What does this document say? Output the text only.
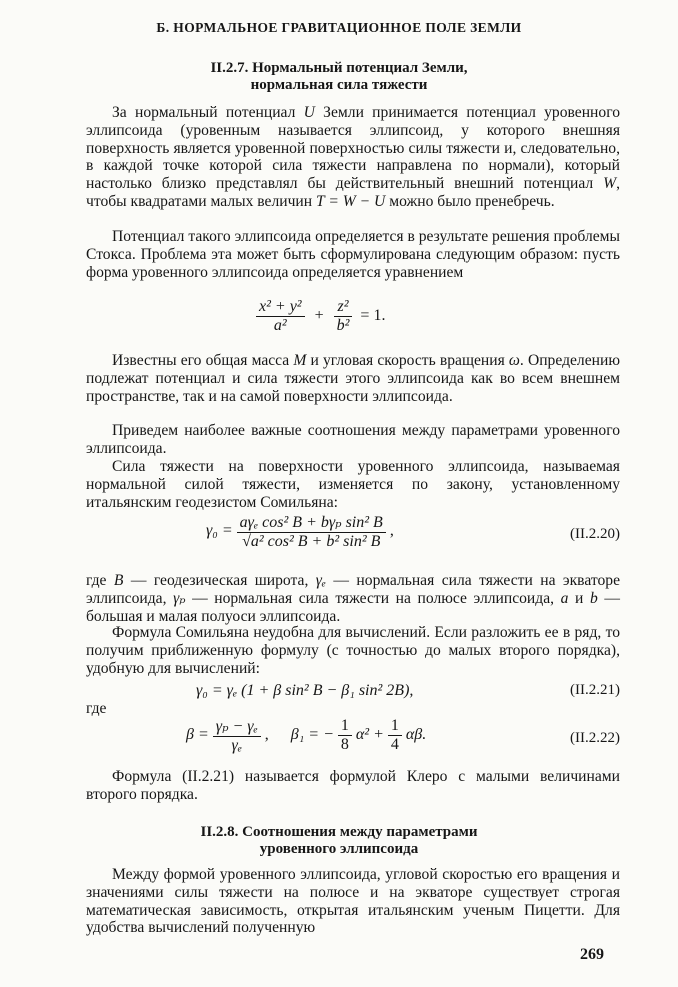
Б. НОРМАЛЬНОЕ ГРАВИТАЦИОННОЕ ПОЛЕ ЗЕМЛИ
II.2.7. Нормальный потенциал Земли,
нормальная сила тяжести
За нормальный потенциал U Земли принимается потенциал уровенного эллипсоида (уровенным называется эллипсоид, у которого внешняя поверхность является уровенной поверхностью силы тяжести и, следовательно, в каждой точке которой сила тяжести направлена по нормали), который настолько близко представлял бы действительный внешний потенциал W, чтобы квадратами малых величин T = W − U можно было пренебречь.
Потенциал такого эллипсоида определяется в результате решения проблемы Стокса. Проблема эта может быть сформулирована следующим образом: пусть форма уровенного эллипсоида определяется уравнением
$\frac{\text{x² + y²}}{\text{a²}} + \frac{\text{z²}}{\text{b²}} = 1$.
Известны его общая масса M и угловая скорость вращения ω. Определению подлежат потенциал и сила тяжести этого эллипсоида как во всем внешнем пространстве, так и на самой поверхности эллипсоида.
Приведем наиболее важные соотношения между параметрами уровенного эллипсоида.
Сила тяжести на поверхности уровенного эллипсоида, называемая нормальной силой тяжести, изменяется по закону, установленному итальянским геодезистом Сомильяна:
$\gamma_0 = \frac{\text{aγₑ cos² B + bγₚ sin² B}}{\text{√a² cos² B + b² sin² B}}$ ,	(II.2.20)
где B — геодезическая широта, γₑ — нормальная сила тяжести на экваторе эллипсоида, γₚ — нормальная сила тяжести на полюсе эллипсоида, a и b — большая и малая полуоси эллипсоида.
Формула Сомильяна неудобна для вычислений. Если разложить ее в ряд, то получим приближенную формулу (с точностью до малых второго порядка), удобную для вычислений:
γ₀ = γₑ (1 + β sin² B − β₁ sin² 2B),	(II.2.21)
где
$\beta = \frac{\text{γₚ − γₑ}}{\text{γₑ}}$ , β₁ = − $\frac{1}{8} \alpha^2 + \frac{1}{4} \alpha\beta$.	(II.2.22)
Формула (II.2.21) называется формулой Клеро с малыми величинами второго порядка.
II.2.8. Соотношения между параметрами
уровенного эллипсоида
Между формой уровенного эллипсоида, угловой скоростью его вращения и значениями силы тяжести на полюсе и на экваторе существует строгая математическая зависимость, открытая итальянским ученым Пицетти. Для удобства вычислений полученную
269
